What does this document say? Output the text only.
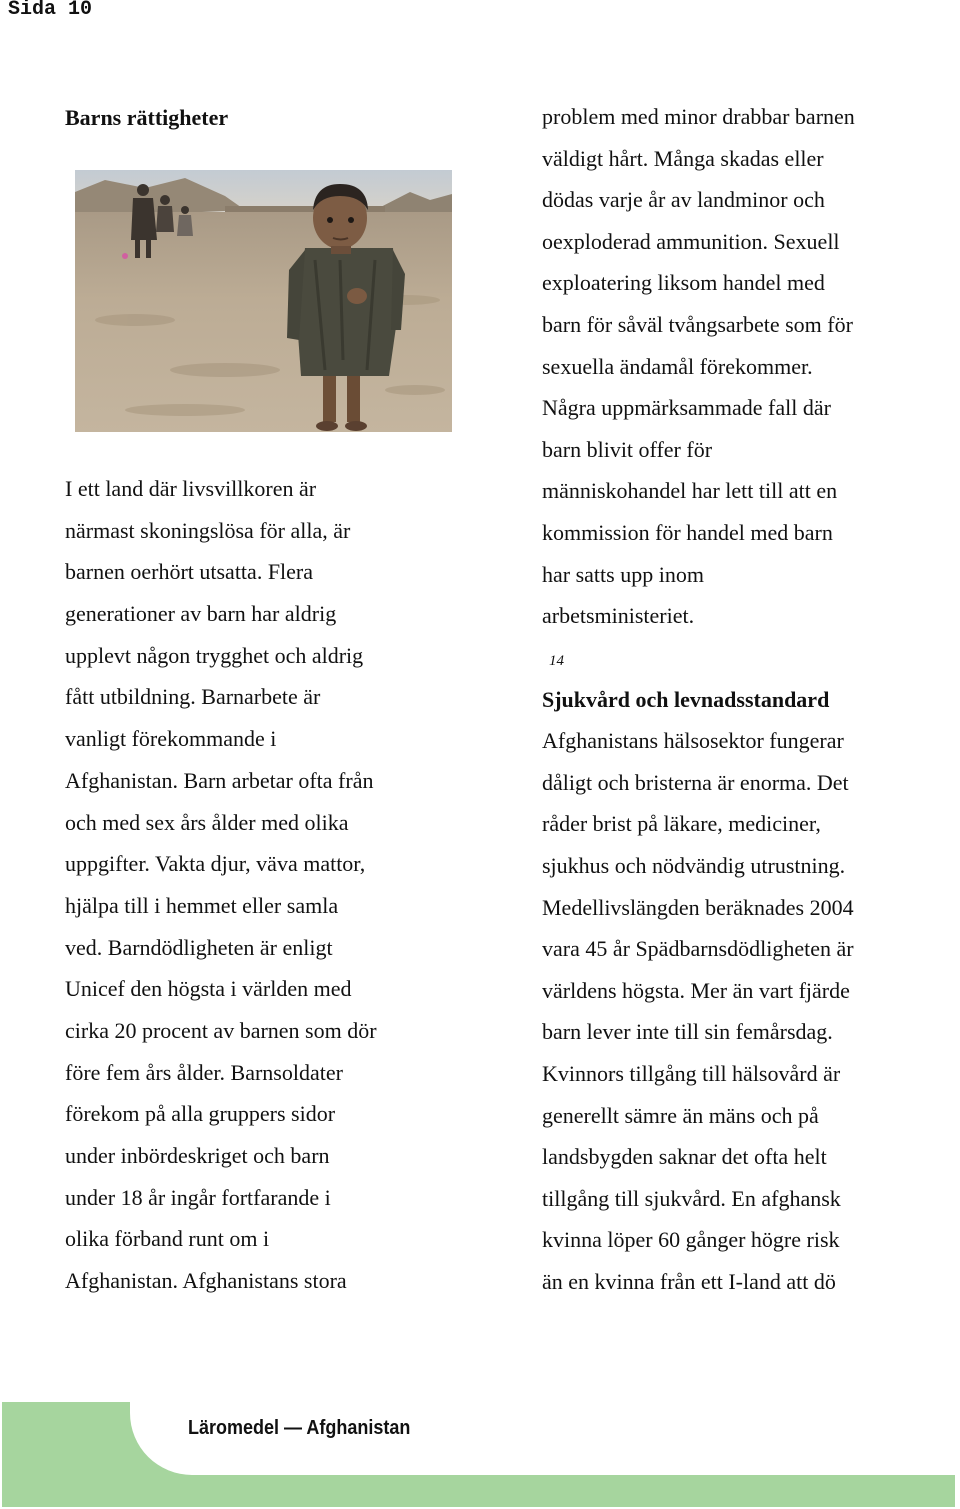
Sida 10
Barns rättigheter
I ett land där livsvillkoren är
närmast skoningslösa för alla, är
barnen oerhört utsatta. Flera
generationer av barn har aldrig
upplevt någon trygghet och aldrig
fått utbildning. Barnarbete är
vanligt förekommande i
Afghanistan. Barn arbetar ofta från
och med sex års ålder med olika
uppgifter. Vakta djur, väva mattor,
hjälpa till i hemmet eller samla
ved. Barndödligheten är enligt
Unicef den högsta i världen med
cirka 20 procent av barnen som dör
före fem års ålder. Barnsoldater
förekom på alla gruppers sidor
under inbördeskriget och barn
under 18 år ingår fortfarande i
olika förband runt om i
Afghanistan. Afghanistans stora
problem med minor drabbar barnen
väldigt hårt. Många skadas eller
dödas varje år av landminor och
oexploderad ammunition. Sexuell
exploatering liksom handel med
barn för såväl tvångsarbete som för
sexuella ändamål förekommer.
Några uppmärksammade fall där
barn blivit offer för
människohandel har lett till att en
kommission för handel med barn
har satts upp inom
arbetsministeriet.
14
Sjukvård och levnadsstandard
Afghanistans hälsosektor fungerar
dåligt och bristerna är enorma. Det
råder brist på läkare, mediciner,
sjukhus och nödvändig utrustning.
Medellivslängden beräknades 2004
vara 45 år Spädbarnsdödligheten är
världens högsta. Mer än vart fjärde
barn lever inte till sin femårsdag.
Kvinnors tillgång till hälsovård är
generellt sämre än mäns och på
landsbygden saknar det ofta helt
tillgång till sjukvård. En afghansk
kvinna löper 60 gånger högre risk
än en kvinna från ett I-land att dö
Läromedel — Afghanistan
